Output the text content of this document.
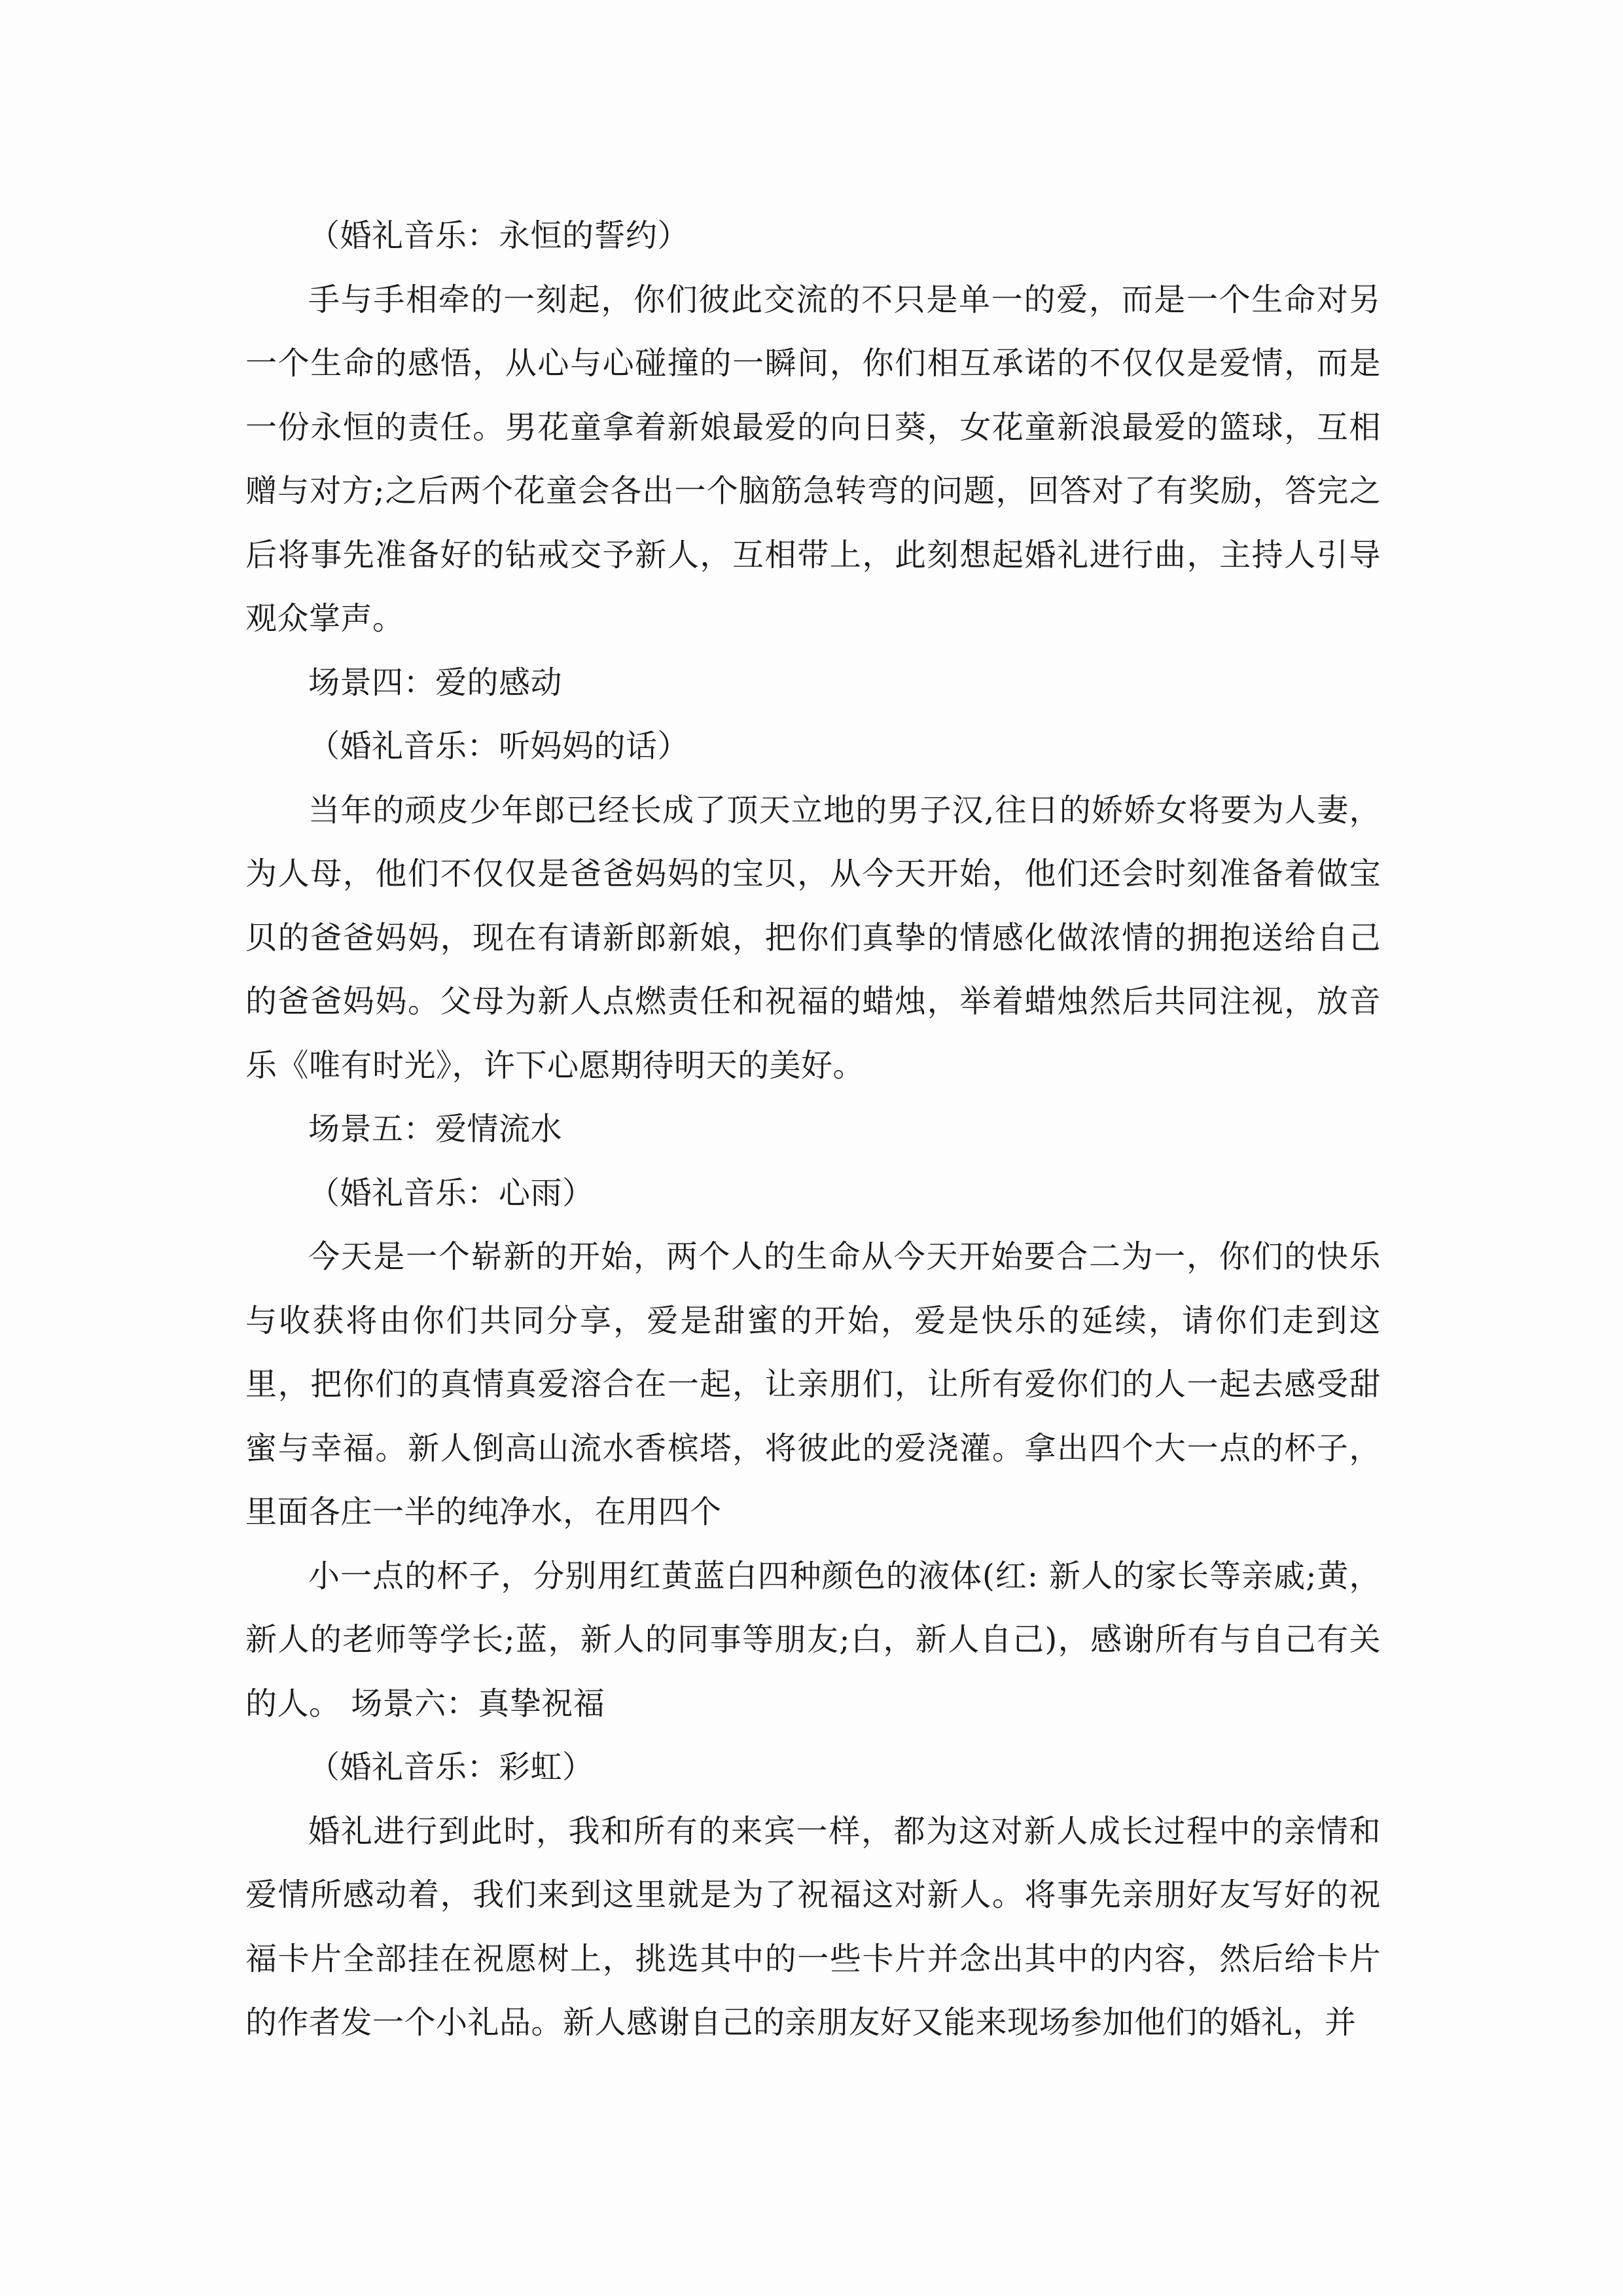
（婚礼音乐：永恒的誓约）

手与手相牵的一刻起，你们彼此交流的不只是单一的爱，而是一个生命对另一个生命的感悟，从心与心碰撞的一瞬间，你们相互承诺的不仅仅是爱情，而是一份永恒的责任。男花童拿着新娘最爱的向日葵，女花童新浪最爱的篮球，互相赠与对方;之后两个花童会各出一个脑筋急转弯的问题，回答对了有奖励，答完之后将事先准备好的钻戒交予新人，互相带上，此刻想起婚礼进行曲，主持人引导观众掌声。

场景四：爱的感动

（婚礼音乐：听妈妈的话）

当年的顽皮少年郎已经长成了顶天立地的男子汉,往日的娇娇女将要为人妻，为人母，他们不仅仅是爸爸妈妈的宝贝，从今天开始，他们还会时刻准备着做宝贝的爸爸妈妈，现在有请新郎新娘，把你们真挚的情感化做浓情的拥抱送给自己的爸爸妈妈。父母为新人点燃责任和祝福的蜡烛，举着蜡烛然后共同注视，放音乐《唯有时光》，许下心愿期待明天的美好。

场景五：爱情流水

（婚礼音乐：心雨）

今天是一个崭新的开始，两个人的生命从今天开始要合二为一，你们的快乐与收获将由你们共同分享，爱是甜蜜的开始，爱是快乐的延续，请你们走到这里，把你们的真情真爱溶合在一起，让亲朋们，让所有爱你们的人一起去感受甜蜜与幸福。新人倒高山流水香槟塔，将彼此的爱浇灌。拿出四个大一点的杯子，里面各庄一半的纯净水，在用四个

小一点的杯子，分别用红黄蓝白四种颜色的液体(红: 新人的家长等亲戚;黄，新人的老师等学长;蓝，新人的同事等朋友;白，新人自己)，感谢所有与自己有关的人。 场景六：真挚祝福

（婚礼音乐：彩虹）

婚礼进行到此时，我和所有的来宾一样，都为这对新人成长过程中的亲情和爱情所感动着，我们来到这里就是为了祝福这对新人。将事先亲朋好友写好的祝福卡片全部挂在祝愿树上，挑选其中的一些卡片并念出其中的内容，然后给卡片的作者发一个小礼品。新人感谢自己的亲朋友好又能来现场参加他们的婚礼，并
